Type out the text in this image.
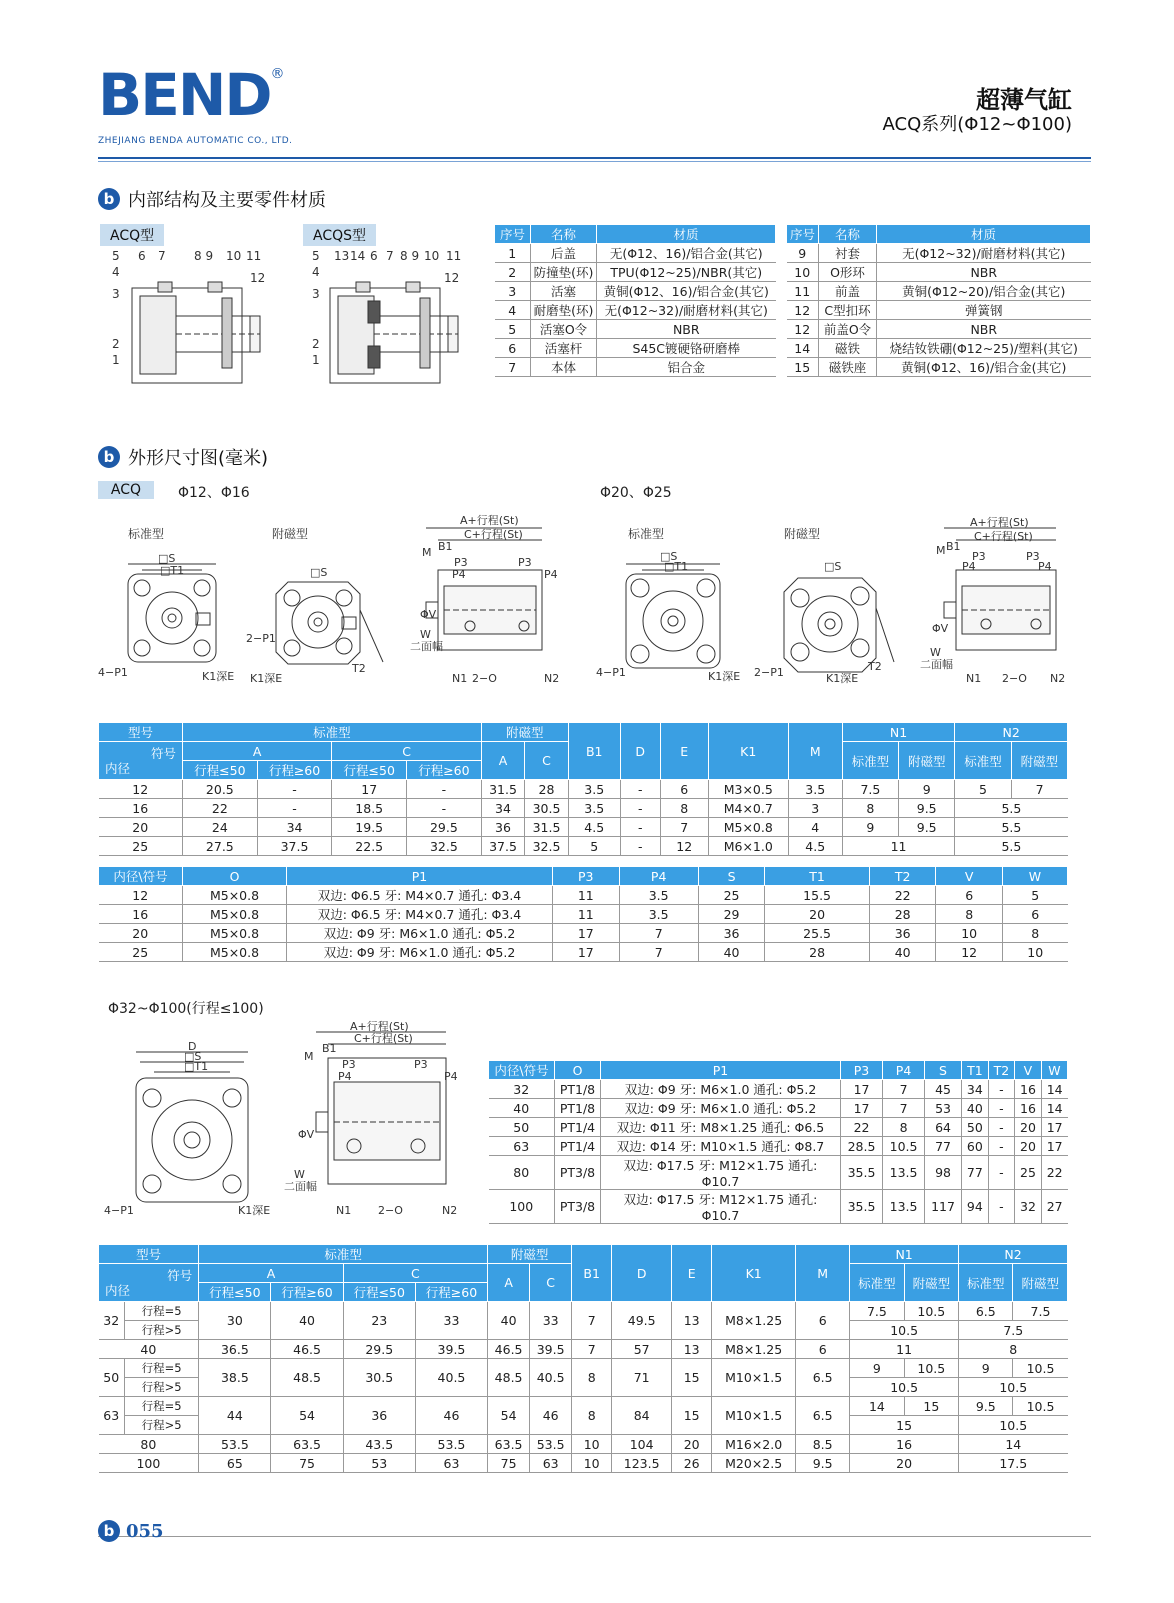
BEND®
ZHEJIANG BENDA AUTOMATIC CO., LTD.
超薄气缸
ACQ系列(Φ12~Φ100)
b 内部结构及主要零件材质
ACQ型	ACQS型
5 6 7 8 9 10 11
4	12
3
2
1
5 13 14 6 7 8 9 10 11
4	12
3
2
1
序号	名称	材质
1	后盖	无(Φ12、16)/铝合金(其它)
2	防撞垫(环)	TPU(Φ12~25)/NBR(其它)
3	活塞	黄铜(Φ12、16)/铝合金(其它)
4	耐磨垫(环)	无(Φ12~32)/耐磨材料(其它)
5	活塞O令	NBR
6	活塞杆	S45C镀硬铬研磨棒
7	本体	铝合金
序号	名称	材质
9	衬套	无(Φ12~32)/耐磨材料(其它)
10	O形环	NBR
11	前盖	黄铜(Φ12~20)/铝合金(其它)
12	C型扣环	弹簧钢
12	前盖O令	NBR
14	磁铁	烧结钕铁硼(Φ12~25)/塑料(其它)
15	磁铁座	黄铜(Φ12、16)/铝合金(其它)
b 外形尺寸图(毫米)
ACQ	Φ12、Φ16	Φ20、Φ25
标准型	附磁型	标准型	附磁型
□S
□T1
4−P1	K1深E
□S
2−P1
K1深E
T2
A+行程(St)
C+行程(St)
B1
M
P3
P4
P3
P4
W
二面幅
ΦV
N1 2−O	N2
□S
□T1
4−P1	K1深E
□S
2−P1	K1深E
T2
A+行程(St)
C+行程(St)
B1
M P3
P4
P3
P4
W
二面幅
ΦV
N1 2−O N2
型号	标准型				附磁型		B1	D	E	K1	M	N1		N2	

符号
内径	A		C		A	C						标准型	附磁型	标准型	附磁型
	行程≤50	行程≥60	行程≤50	行程≥60											
12	20.5	-	17	-	31.5	28	3.5	-	6	M3×0.5	3.5	7.5	9	5	7
16	22	-	18.5	-	34	30.5	3.5	-	8	M4×0.7	3	8	9.5	5.5	
20	24	34	19.5	29.5	36	31.5	4.5	-	7	M5×0.8	4	9	9.5	5.5	
25	27.5	37.5	22.5	32.5	37.5	32.5	5	-	12	M6×1.0	4.5	11		5.5	
内径\符号	O	P1	P3	P4	S	T1	T2	V	W
12	M5×0.8	双边: Φ6.5 牙: M4×0.7 通孔: Φ3.4	11	3.5	25	15.5	22	6	5
16	M5×0.8	双边: Φ6.5 牙: M4×0.7 通孔: Φ3.4	11	3.5	29	20	28	8	6
20	M5×0.8	双边: Φ9 牙: M6×1.0 通孔: Φ5.2	17	7	36	25.5	36	10	8
25	M5×0.8	双边: Φ9 牙: M6×1.0 通孔: Φ5.2	17	7	40	28	40	12	10
Φ32~Φ100(行程≤100)
D
□S
□T1
4−P1	K1深E
A+行程(St)
C+行程(St)
B1
M
P3
P4
P3
P4
W
二面幅
ΦV
N1 2−O	N2
内径\符号	O	P1	P3	P4	S	T1	T2	V	W
32	PT1/8	双边: Φ9 牙: M6×1.0 通孔: Φ5.2	17	7	45	34	-	16	14
40	PT1/8	双边: Φ9 牙: M6×1.0 通孔: Φ5.2	17	7	53	40	-	16	14
50	PT1/4	双边: Φ11 牙: M8×1.25 通孔: Φ6.5	22	8	64	50	-	20	17
63	PT1/4	双边: Φ14 牙: M10×1.5 通孔: Φ8.7	28.5	10.5	77	60	-	20	17
80	PT3/8	双边: Φ17.5 牙: M12×1.75 通孔: Φ10.7	35.5	13.5	98	77	-	25	22
100	PT3/8	双边: Φ17.5 牙: M12×1.75 通孔: Φ10.7	35.5	13.5	117	94	-	32	27
型号		标准型				附磁型		B1	D	E	K1	M	N1		N2	

符号
内径		A		C		A	C						标准型	附磁型	标准型	附磁型
		行程≤50	行程≥60	行程≤50	行程≥60											
32	行程=5	30	40	23	33	40	33	7	49.5	13	M8×1.25	6	7.5	10.5	6.5	7.5
	行程>5												10.5		7.5	
40		36.5	46.5	29.5	39.5	46.5	39.5	7	57	13	M8×1.25	6	11		8	
50	行程=5	38.5	48.5	30.5	40.5	48.5	40.5	8	71	15	M10×1.5	6.5	9	10.5	9	10.5
	行程>5												10.5		10.5	
63	行程=5	44	54	36	46	54	46	8	84	15	M10×1.5	6.5	14	15	9.5	10.5
	行程>5												15		10.5	
80		53.5	63.5	43.5	53.5	63.5	53.5	10	104	20	M16×2.0	8.5	16		14	
100		65	75	53	63	75	63	10	123.5	26	M20×2.5	9.5	20		17.5	
b 055
